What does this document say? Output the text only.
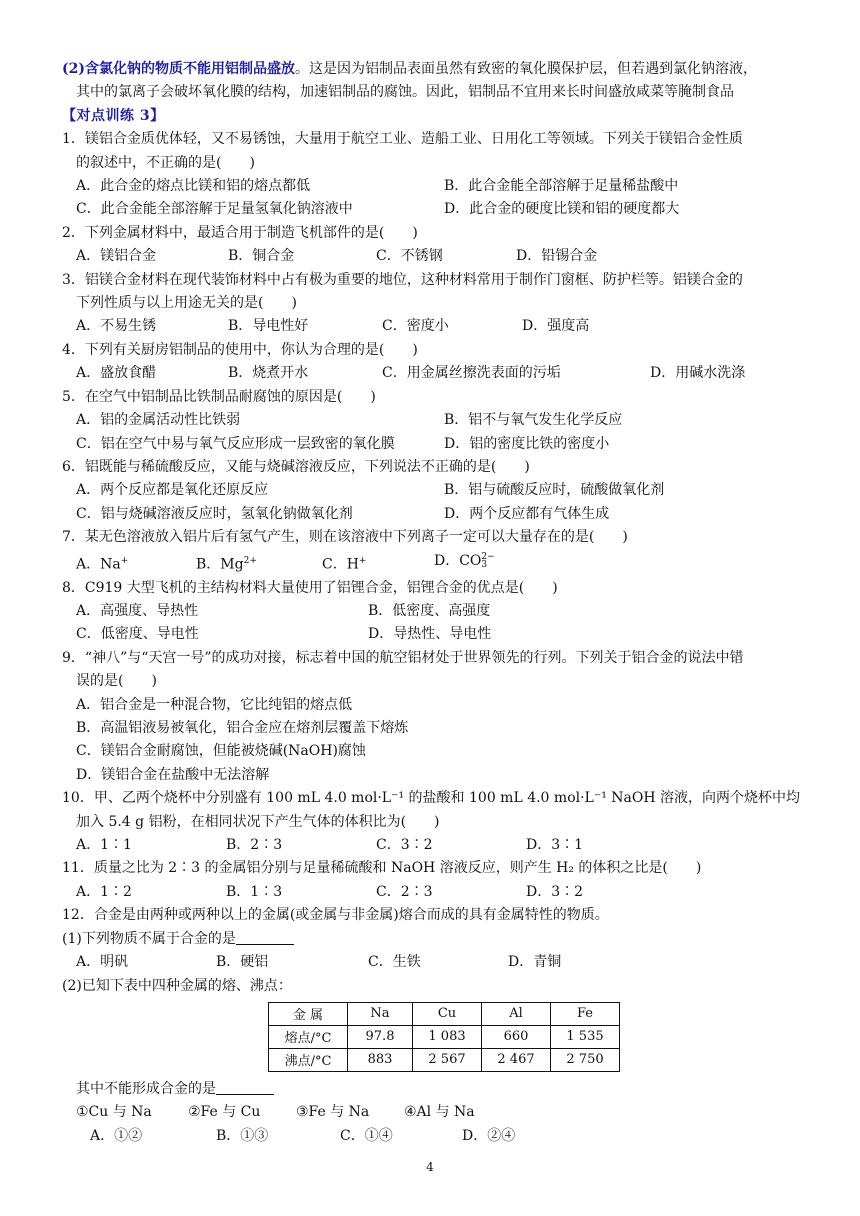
(2)含氯化钠的物质不能用铝制品盛放。这是因为铝制品表面虽然有致密的氧化膜保护层，但若遇到氯化钠溶液，
其中的氯离子会破坏氧化膜的结构，加速铝制品的腐蚀。因此，铝制品不宜用来长时间盛放咸菜等腌制食品
【对点训练 3】
1．镁铝合金质优体轻，又不易锈蚀，大量用于航空工业、造船工业、日用化工等领域。下列关于镁铝合金性质
的叙述中，不正确的是(　　)
A．此合金的熔点比镁和铝的熔点都低	B．此合金能全部溶解于足量稀盐酸中
C．此合金能全部溶解于足量氢氧化钠溶液中	D．此合金的硬度比镁和铝的硬度都大
2．下列金属材料中，最适合用于制造飞机部件的是(　　)
A．镁铝合金	B．铜合金	C．不锈钢	D．铅锡合金
3．铝镁合金材料在现代装饰材料中占有极为重要的地位，这种材料常用于制作门窗框、防护栏等。铝镁合金的
下列性质与以上用途无关的是(　　)
A．不易生锈	B．导电性好	C．密度小	D．强度高
4．下列有关厨房铝制品的使用中，你认为合理的是(　　)
A．盛放食醋	B．烧煮开水	C．用金属丝擦洗表面的污垢	D．用碱水洗涤
5．在空气中铝制品比铁制品耐腐蚀的原因是(　　)
A．铝的金属活动性比铁弱	B．铝不与氧气发生化学反应
C．铝在空气中易与氧气反应形成一层致密的氧化膜	D．铝的密度比铁的密度小
6．铝既能与稀硫酸反应，又能与烧碱溶液反应，下列说法不正确的是(　　)
A．两个反应都是氧化还原反应	B．铝与硫酸反应时，硫酸做氧化剂
C．铝与烧碱溶液反应时，氢氧化钠做氧化剂	D．两个反应都有气体生成
7．某无色溶液放入铝片后有氢气产生，则在该溶液中下列离子一定可以大量存在的是(　　)
A．Na+	B．$Mg^{2+}$	C．H+	D．CO 2−
3
8．C919 大型飞机的主结构材料大量使用了铝锂合金，铝锂合金的优点是(　　)
A．高强度、导热性	B．低密度、高强度
C．低密度、导电性	D．导热性、导电性
9．“神八”与“天宫一号”的成功对接，标志着中国的航空铝材处于世界领先的行列。下列关于铝合金的说法中错
误的是(　　)
A．铝合金是一种混合物，它比纯铝的熔点低
B．高温铝液易被氧化，铝合金应在熔剂层覆盖下熔炼
C．镁铝合金耐腐蚀，但能被烧碱(NaOH)腐蚀
D．镁铝合金在盐酸中无法溶解
10．甲、乙两个烧杯中分别盛有 100 mL 4.0 mol·L⁻¹ 的盐酸和 100 mL 4.0 mol·L⁻¹ NaOH 溶液，向两个烧杯中均
加入 5.4 g 铝粉，在相同状况下产生气体的体积比为(　　)
A．1∶1	B．2∶3	C．3∶2	D．3∶1
11．质量之比为 2∶3 的金属铝分别与足量稀硫酸和 NaOH 溶液反应，则产生 H₂ 的体积之比是(　　)
A．1∶2	B．1∶3	C．2∶3	D．3∶2
12．合金是由两种或两种以上的金属(或金属与非金属)熔合而成的具有金属特性的物质。
(1)下列物质不属于合金的是
A．明矾	B．硬铝	C．生铁	D．青铜
(2)已知下表中四种金属的熔、沸点：
金 属	Na	Cu	Al	Fe
熔点/°C	97.8	1 083	660	1 535
沸点/°C	883	2 567	2 467	2 750
其中不能形成合金的是
①Cu 与 Na	②Fe 与 Cu	③Fe 与 Na	④Al 与 Na
A．①②	B．①③	C．①④	D．②④
4
